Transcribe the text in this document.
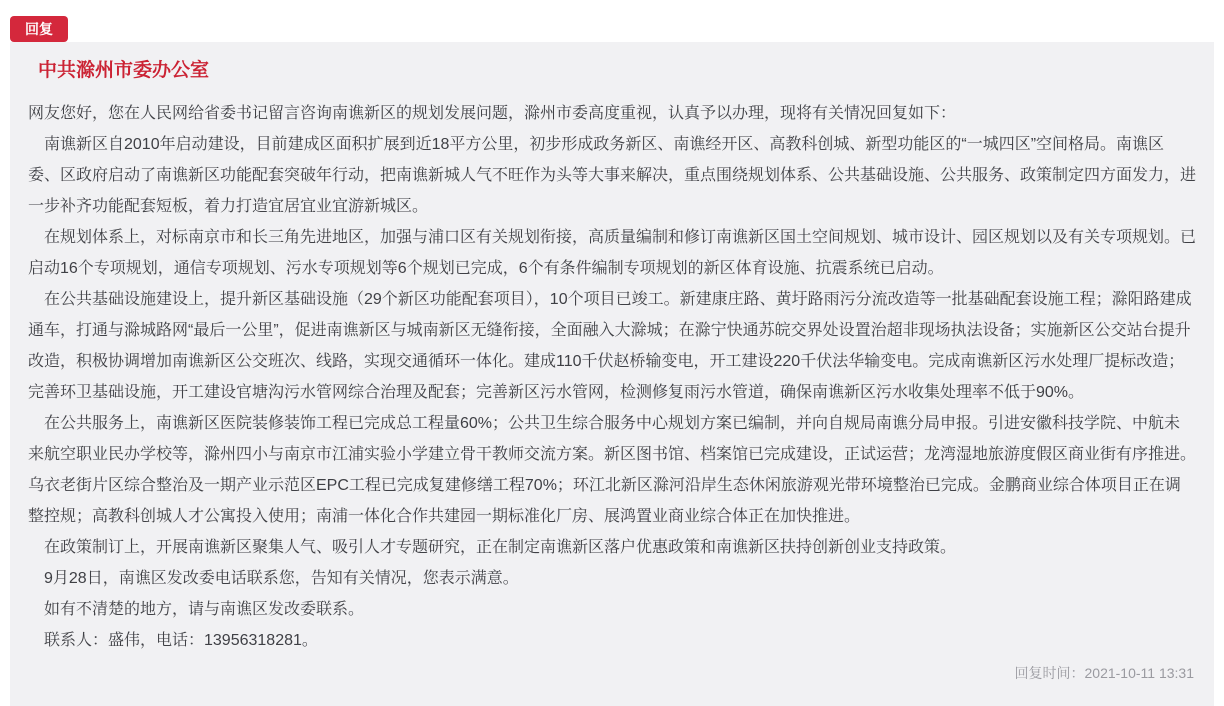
回复
中共滁州市委办公室

网友您好，您在人民网给省委书记留言咨询南谯新区的规划发展问题，滁州市委高度重视，认真予以办理，现将有关情况回复如下：

南谯新区自2010年启动建设，目前建成区面积扩展到近18平方公里，初步形成政务新区、南谯经开区、高教科创城、新型功能区的“一城四区”空间格局。南谯区委、区政府启动了南谯新区功能配套突破年行动，把南谯新城人气不旺作为头等大事来解决，重点围绕规划体系、公共基础设施、公共服务、政策制定四方面发力，进一步补齐功能配套短板，着力打造宜居宜业宜游新城区。

在规划体系上，对标南京市和长三角先进地区，加强与浦口区有关规划衔接，高质量编制和修订南谯新区国土空间规划、城市设计、园区规划以及有关专项规划。已启动16个专项规划，通信专项规划、污水专项规划等6个规划已完成，6个有条件编制专项规划的新区体育设施、抗震系统已启动。

在公共基础设施建设上，提升新区基础设施（29个新区功能配套项目），10个项目已竣工。新建康庄路、黄圩路雨污分流改造等一批基础配套设施工程；滁阳路建成通车，打通与滁城路网“最后一公里”，促进南谯新区与城南新区无缝衔接，全面融入大滁城；在滁宁快通苏皖交界处设置治超非现场执法设备；实施新区公交站台提升改造，积极协调增加南谯新区公交班次、线路，实现交通循环一体化。建成110千伏赵桥输变电，开工建设220千伏法华输变电。完成南谯新区污水处理厂提标改造；完善环卫基础设施，开工建设官塘沟污水管网综合治理及配套；完善新区污水管网，检测修复雨污水管道，确保南谯新区污水收集处理率不低于90%。

在公共服务上，南谯新区医院装修装饰工程已完成总工程量60%；公共卫生综合服务中心规划方案已编制，并向自规局南谯分局申报。引进安徽科技学院、中航未来航空职业民办学校等，滁州四小与南京市江浦实验小学建立骨干教师交流方案。新区图书馆、档案馆已完成建设，正试运营；龙湾湿地旅游度假区商业街有序推进。乌衣老街片区综合整治及一期产业示范区EPC工程已完成复建修缮工程70%；环江北新区滁河沿岸生态休闲旅游观光带环境整治已完成。金鹏商业综合体项目正在调整控规；高教科创城人才公寓投入使用；南浦一体化合作共建园一期标准化厂房、展鸿置业商业综合体正在加快推进。

在政策制订上，开展南谯新区聚集人气、吸引人才专题研究，正在制定南谯新区落户优惠政策和南谯新区扶持创新创业支持政策。

9月28日，南谯区发改委电话联系您，告知有关情况，您表示满意。

如有不清楚的地方，请与南谯区发改委联系。

联系人：盛伟，电话：13956318281。

回复时间：2021-10-11 13:31
